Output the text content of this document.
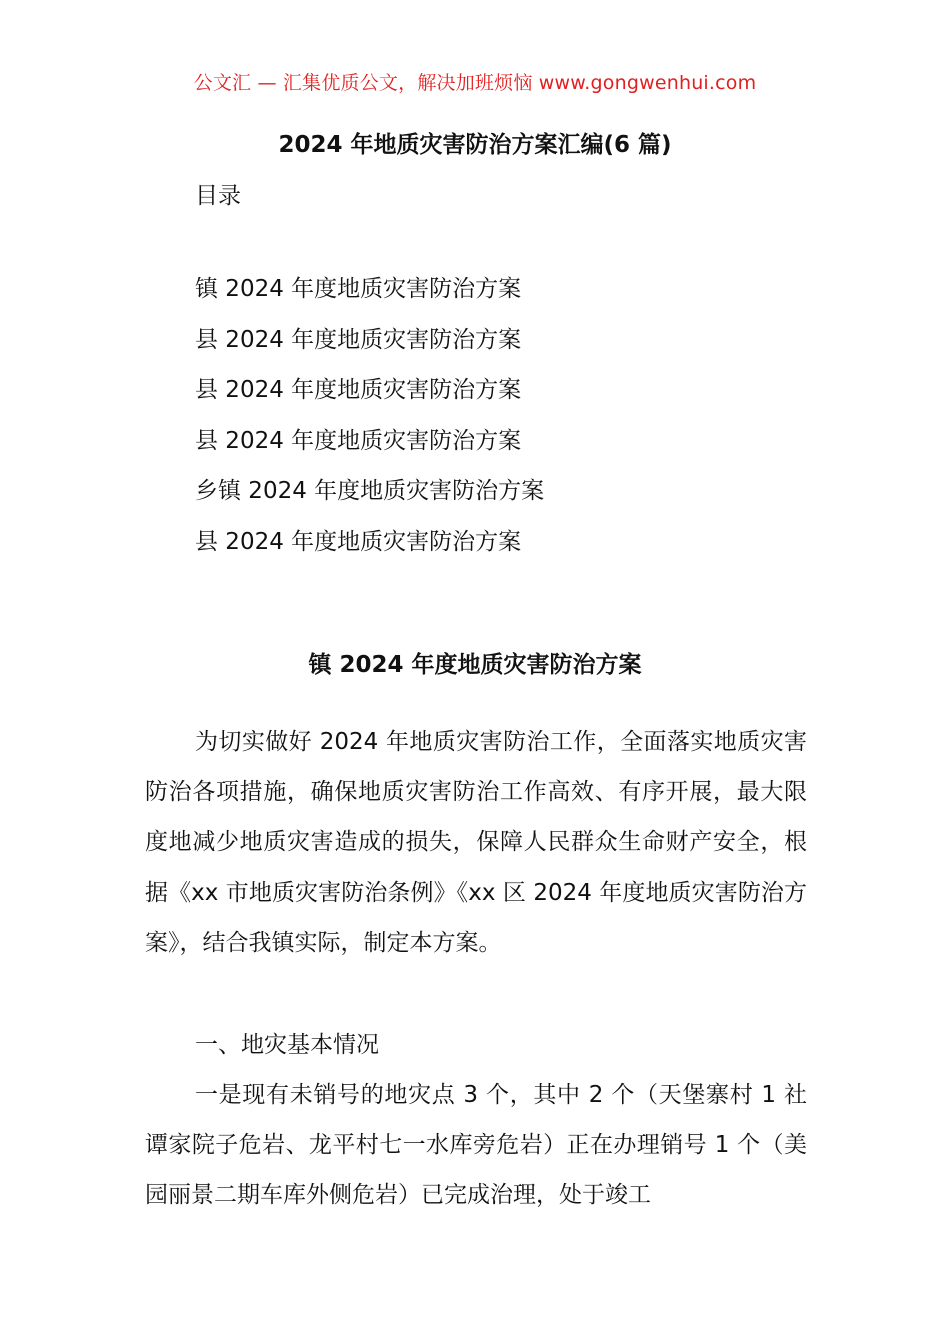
公文汇 — 汇集优质公文，解决加班烦恼 www.gongwenhui.com
2024 年地质灾害防治方案汇编(6 篇)
目录
镇 2024 年度地质灾害防治方案
县 2024 年度地质灾害防治方案
县 2024 年度地质灾害防治方案
县 2024 年度地质灾害防治方案
乡镇 2024 年度地质灾害防治方案
县 2024 年度地质灾害防治方案
镇 2024 年度地质灾害防治方案

为切实做好 2024 年地质灾害防治工作，全面落实地质灾害防治各项措施，确保地质灾害防治工作高效、有序开展，最大限度地减少地质灾害造成的损失，保障人民群众生命财产安全，根据《xx 市地质灾害防治条例》《xx 区 2024 年度地质灾害防治方案》，结合我镇实际，制定本方案。

一、地灾基本情况

一是现有未销号的地灾点 3 个，其中 2 个（天堡寨村 1 社谭家院子危岩、龙平村七一水库旁危岩）正在办理销号 1 个（美园丽景二期车库外侧危岩）已完成治理，处于竣工
